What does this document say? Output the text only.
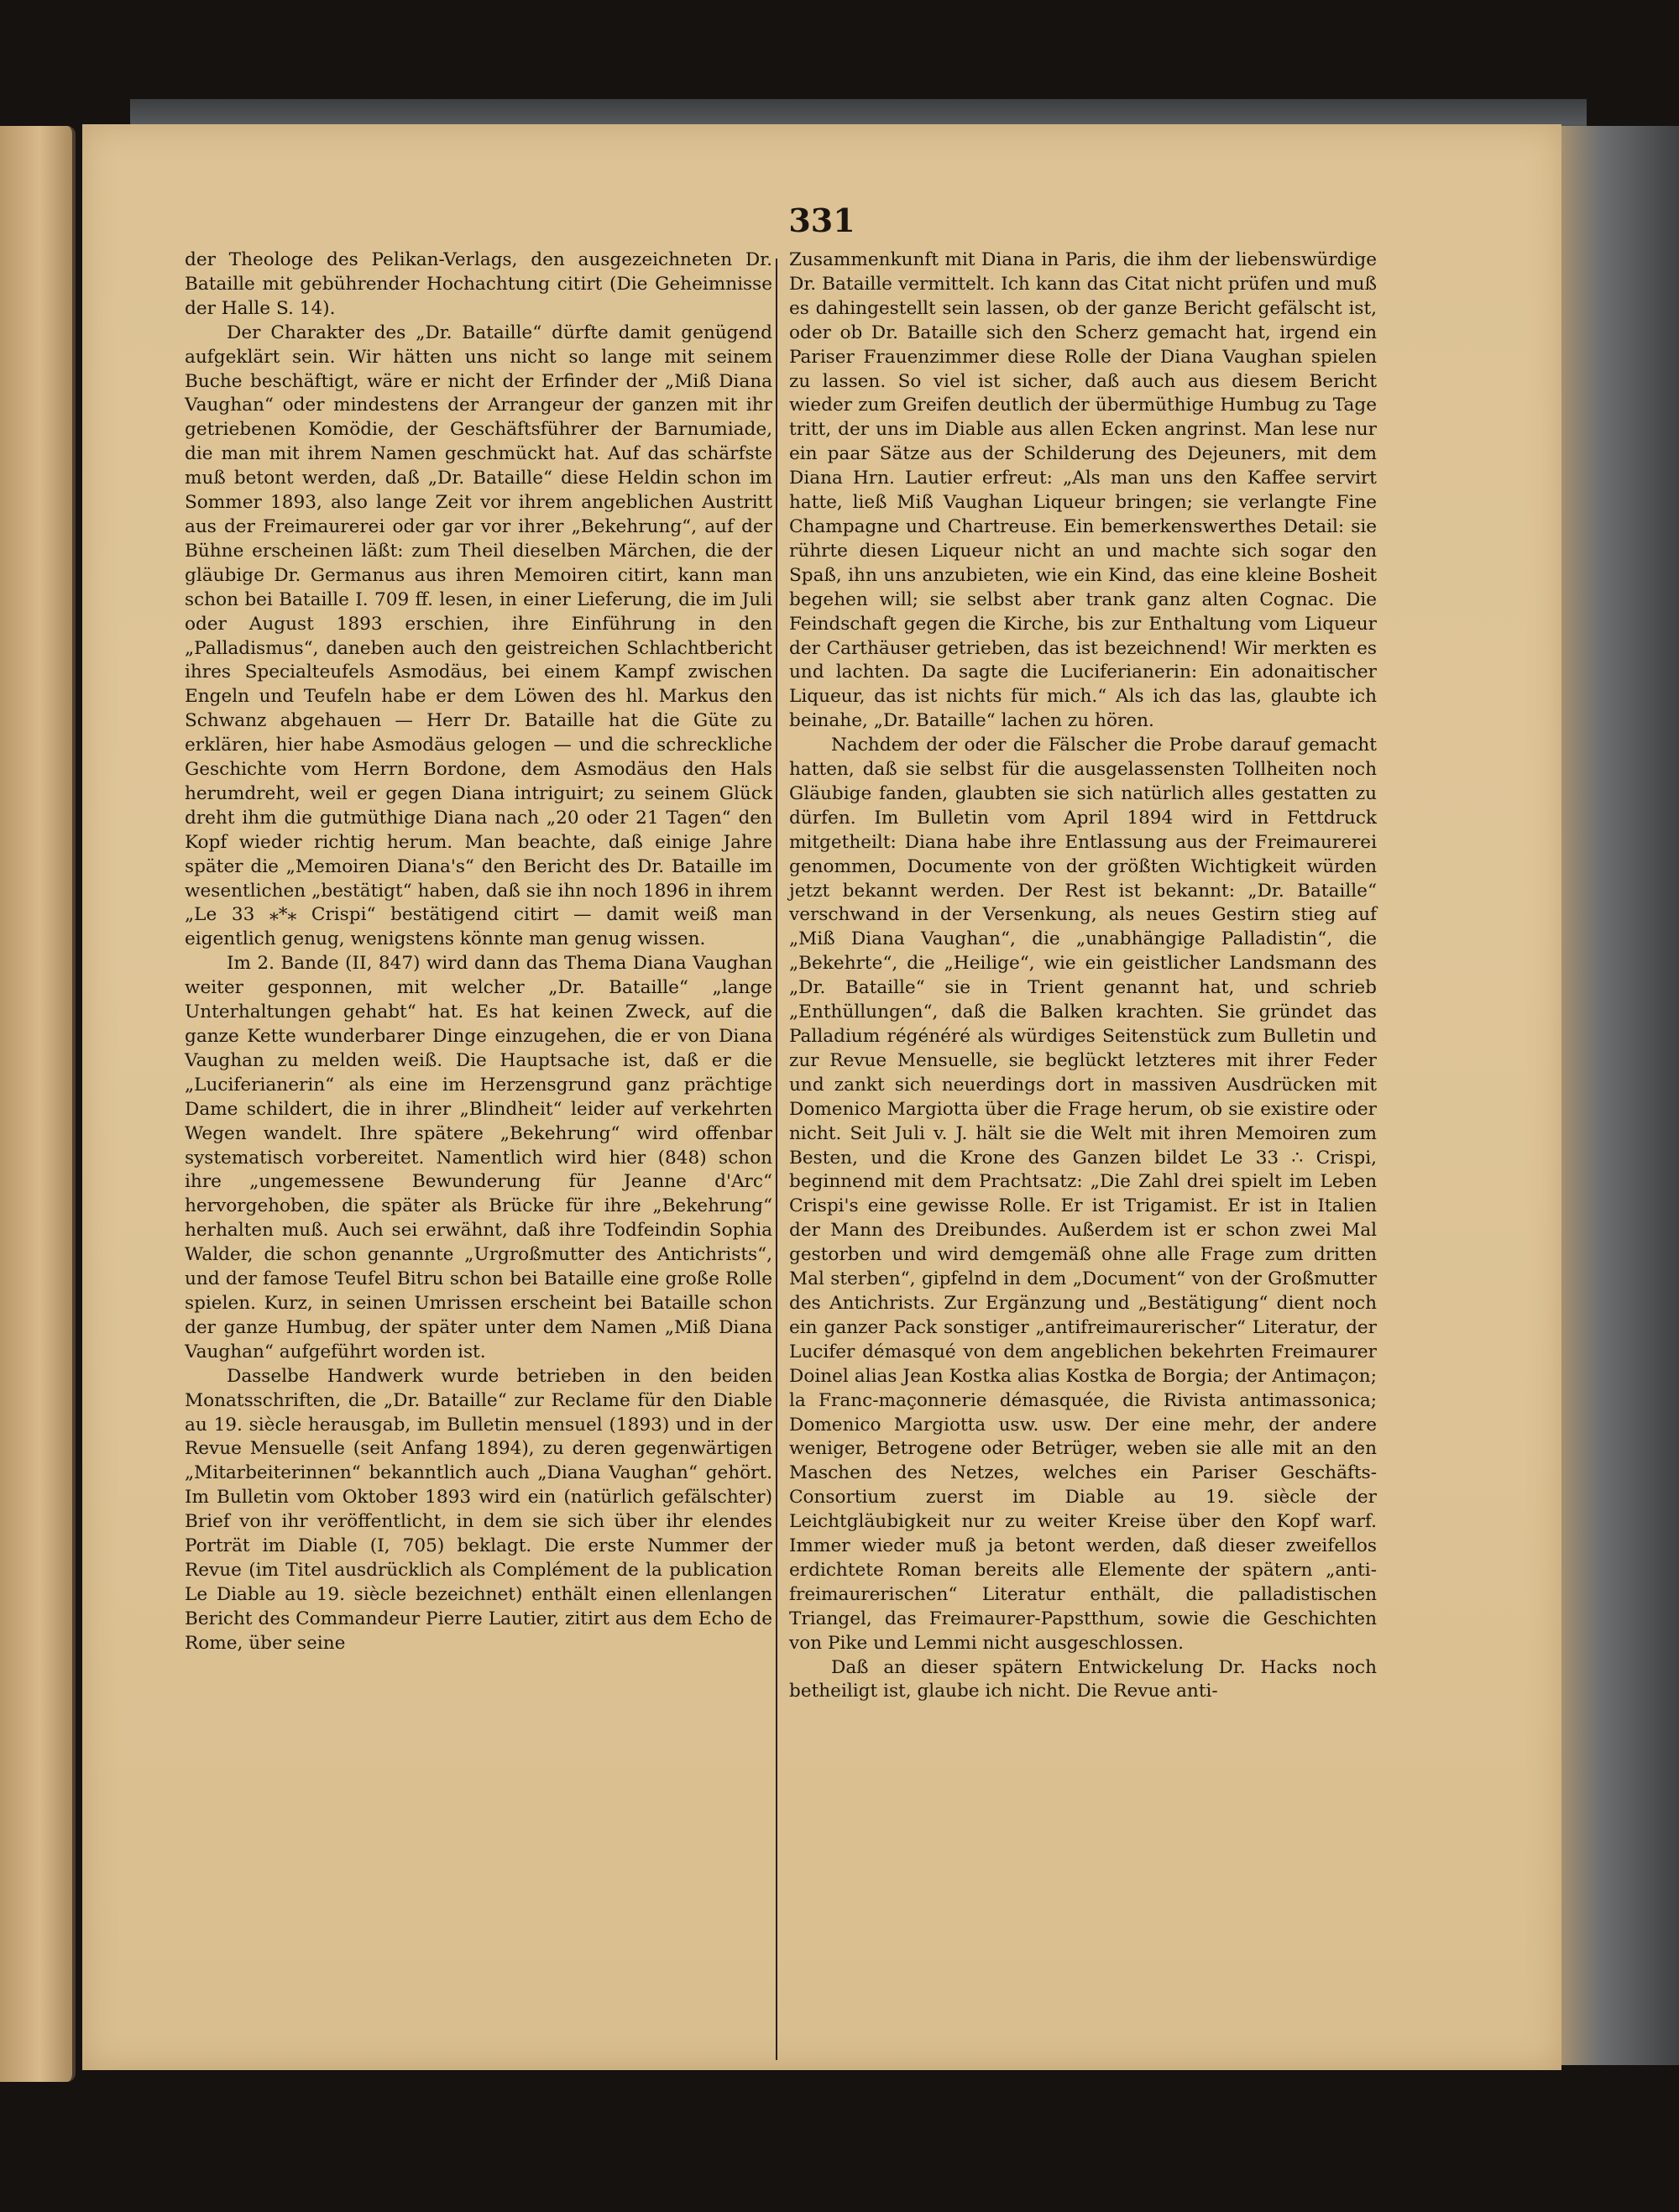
331

der Theologe des Pelikan-Verlags, den ausgezeichneten Dr. Bataille mit gebührender Hochachtung citirt (Die Geheimnisse der Halle S. 14).

Der Charakter des „Dr. Bataille“ dürfte damit genügend aufgeklärt sein. Wir hätten uns nicht so lange mit seinem Buche beschäftigt, wäre er nicht der Erfinder der „Miß Diana Vaughan“ oder mindestens der Arrangeur der ganzen mit ihr getriebenen Komödie, der Geschäftsführer der Barnumiade, die man mit ihrem Namen geschmückt hat. Auf das schärfste muß betont werden, daß „Dr. Bataille“ diese Heldin schon im Sommer 1893, also lange Zeit vor ihrem angeblichen Austritt aus der Freimaurerei oder gar vor ihrer „Bekehrung“, auf der Bühne erscheinen läßt: zum Theil dieselben Märchen, die der gläubige Dr. Germanus aus ihren Memoiren citirt, kann man schon bei Bataille I. 709 ff. lesen, in einer Lieferung, die im Juli oder August 1893 erschien, ihre Einführung in den „Palladismus“, daneben auch den geistreichen Schlachtbericht ihres Specialteufels Asmodäus, bei einem Kampf zwischen Engeln und Teufeln habe er dem Löwen des hl. Markus den Schwanz abgehauen — Herr Dr. Bataille hat die Güte zu erklären, hier habe Asmodäus gelogen — und die schreckliche Geschichte vom Herrn Bordone, dem Asmodäus den Hals herumdreht, weil er gegen Diana intriguirt; zu seinem Glück dreht ihm die gutmüthige Diana nach „20 oder 21 Tagen“ den Kopf wieder richtig herum. Man beachte, daß einige Jahre später die „Memoiren Diana's“ den Bericht des Dr. Bataille im wesentlichen „bestätigt“ haben, daß sie ihn noch 1896 in ihrem „Le 33 ⁎*⁎ Crispi“ bestätigend citirt — damit weiß man eigentlich genug, wenigstens könnte man genug wissen.

Im 2. Bande (II, 847) wird dann das Thema Diana Vaughan weiter gesponnen, mit welcher „Dr. Bataille“ „lange Unterhaltungen gehabt“ hat. Es hat keinen Zweck, auf die ganze Kette wunderbarer Dinge einzugehen, die er von Diana Vaughan zu melden weiß. Die Hauptsache ist, daß er die „Luciferianerin“ als eine im Herzensgrund ganz prächtige Dame schildert, die in ihrer „Blindheit“ leider auf verkehrten Wegen wandelt. Ihre spätere „Bekehrung“ wird offenbar systematisch vorbereitet. Namentlich wird hier (848) schon ihre „ungemessene Bewunderung für Jeanne d'Arc“ hervorgehoben, die später als Brücke für ihre „Bekehrung“ herhalten muß. Auch sei erwähnt, daß ihre Todfeindin Sophia Walder, die schon genannte „Urgroßmutter des Antichrists“, und der famose Teufel Bitru schon bei Bataille eine große Rolle spielen. Kurz, in seinen Umrissen erscheint bei Bataille schon der ganze Humbug, der später unter dem Namen „Miß Diana Vaughan“ aufgeführt worden ist.

Dasselbe Handwerk wurde betrieben in den beiden Monatsschriften, die „Dr. Bataille“ zur Reclame für den Diable au 19. siècle herausgab, im Bulletin mensuel (1893) und in der Revue Mensuelle (seit Anfang 1894), zu deren gegenwärtigen „Mitarbeiterinnen“ bekanntlich auch „Diana Vaughan“ gehört. Im Bulletin vom Oktober 1893 wird ein (natürlich gefälschter) Brief von ihr veröffentlicht, in dem sie sich über ihr elendes Porträt im Diable (I, 705) beklagt. Die erste Nummer der Revue (im Titel ausdrücklich als Complément de la publication Le Diable au 19. siècle bezeichnet) enthält einen ellenlangen Bericht des Commandeur Pierre Lautier, zitirt aus dem Echo de Rome, über seine

Zusammenkunft mit Diana in Paris, die ihm der liebenswürdige Dr. Bataille vermittelt. Ich kann das Citat nicht prüfen und muß es dahingestellt sein lassen, ob der ganze Bericht gefälscht ist, oder ob Dr. Bataille sich den Scherz gemacht hat, irgend ein Pariser Frauenzimmer diese Rolle der Diana Vaughan spielen zu lassen. So viel ist sicher, daß auch aus diesem Bericht wieder zum Greifen deutlich der übermüthige Humbug zu Tage tritt, der uns im Diable aus allen Ecken angrinst. Man lese nur ein paar Sätze aus der Schilderung des Dejeuners, mit dem Diana Hrn. Lautier erfreut: „Als man uns den Kaffee servirt hatte, ließ Miß Vaughan Liqueur bringen; sie verlangte Fine Champagne und Chartreuse. Ein bemerkenswerthes Detail: sie rührte diesen Liqueur nicht an und machte sich sogar den Spaß, ihn uns anzubieten, wie ein Kind, das eine kleine Bosheit begehen will; sie selbst aber trank ganz alten Cognac. Die Feindschaft gegen die Kirche, bis zur Enthaltung vom Liqueur der Carthäuser getrieben, das ist bezeichnend! Wir merkten es und lachten. Da sagte die Luciferianerin: Ein adonaitischer Liqueur, das ist nichts für mich.“ Als ich das las, glaubte ich beinahe, „Dr. Bataille“ lachen zu hören.

Nachdem der oder die Fälscher die Probe darauf gemacht hatten, daß sie selbst für die ausgelassensten Tollheiten noch Gläubige fanden, glaubten sie sich natürlich alles gestatten zu dürfen. Im Bulletin vom April 1894 wird in Fettdruck mitgetheilt: Diana habe ihre Entlassung aus der Freimaurerei genommen, Documente von der größten Wichtigkeit würden jetzt bekannt werden. Der Rest ist bekannt: „Dr. Bataille“ verschwand in der Versenkung, als neues Gestirn stieg auf „Miß Diana Vaughan“, die „unabhängige Palladistin“, die „Bekehrte“, die „Heilige“, wie ein geistlicher Landsmann des „Dr. Bataille“ sie in Trient genannt hat, und schrieb „Enthüllungen“, daß die Balken krachten. Sie gründet das Palladium régénéré als würdiges Seitenstück zum Bulletin und zur Revue Mensuelle, sie beglückt letzteres mit ihrer Feder und zankt sich neuerdings dort in massiven Ausdrücken mit Domenico Margiotta über die Frage herum, ob sie existire oder nicht. Seit Juli v. J. hält sie die Welt mit ihren Memoiren zum Besten, und die Krone des Ganzen bildet Le 33 ∴ Crispi, beginnend mit dem Prachtsatz: „Die Zahl drei spielt im Leben Crispi's eine gewisse Rolle. Er ist Trigamist. Er ist in Italien der Mann des Dreibundes. Außerdem ist er schon zwei Mal gestorben und wird demgemäß ohne alle Frage zum dritten Mal sterben“, gipfelnd in dem „Document“ von der Großmutter des Antichrists. Zur Ergänzung und „Bestätigung“ dient noch ein ganzer Pack sonstiger „antifreimaurerischer“ Literatur, der Lucifer démasqué von dem angeblichen bekehrten Freimaurer Doinel alias Jean Kostka alias Kostka de Borgia; der Antimaçon; la Franc-maçonnerie démasquée, die Rivista antimassonica; Domenico Margiotta usw. usw. Der eine mehr, der andere weniger, Betrogene oder Betrüger, weben sie alle mit an den Maschen des Netzes, welches ein Pariser Geschäfts-Consortium zuerst im Diable au 19. siècle der Leichtgläubigkeit nur zu weiter Kreise über den Kopf warf. Immer wieder muß ja betont werden, daß dieser zweifellos erdichtete Roman bereits alle Elemente der spätern „anti-freimaurerischen“ Literatur enthält, die palladistischen Triangel, das Freimaurer-Papstthum, sowie die Geschichten von Pike und Lemmi nicht ausgeschlossen.

Daß an dieser spätern Entwickelung Dr. Hacks noch betheiligt ist, glaube ich nicht. Die Revue anti-
